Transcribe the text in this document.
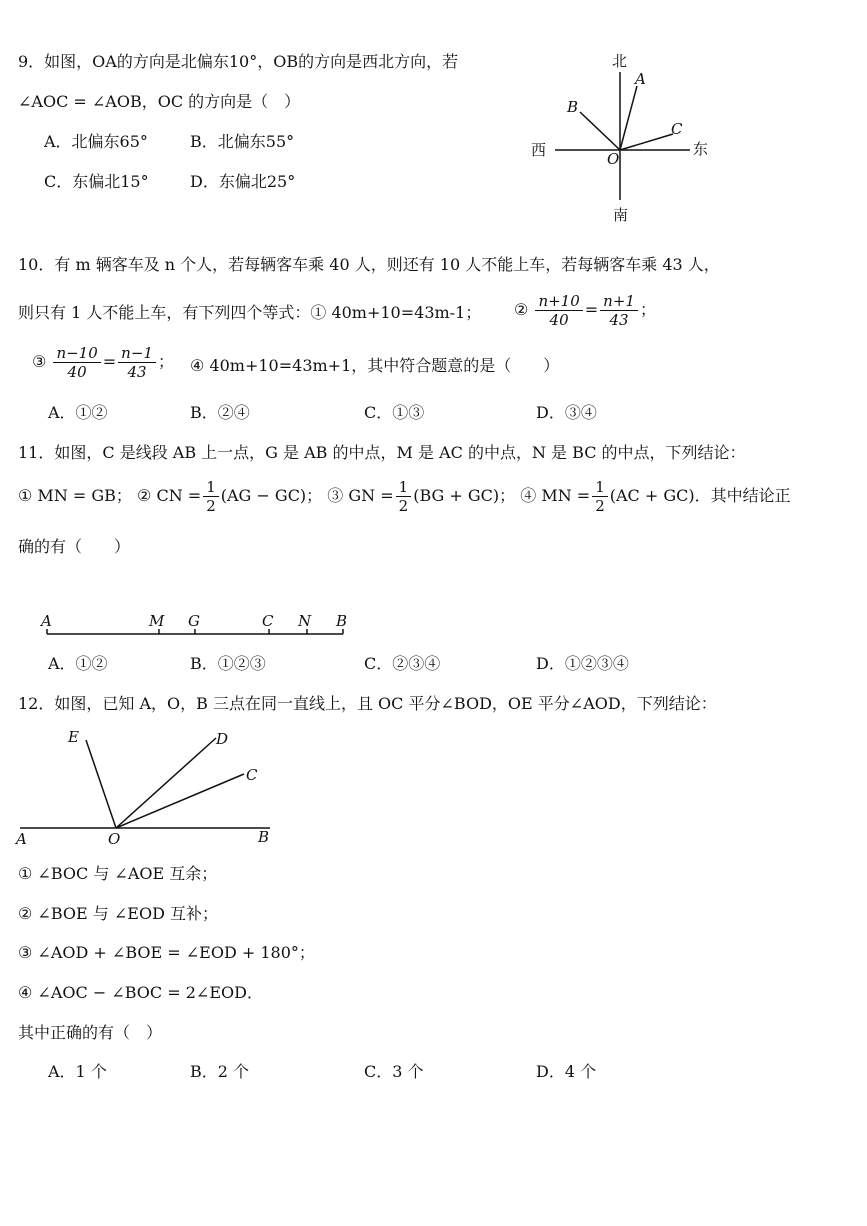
9．如图，OA的方向是北偏东10°，OB的方向是西北方向，若
∠AOC = ∠AOB，OC 的方向是（　）
A．北偏东65°	B．北偏东55°
C．东偏北15°	D．东偏北25°
北
南
西	东
A
B
C
O
10．有 m 辆客车及 n 个人，若每辆客车乘 40 人，则还有 10 人不能上车，若每辆客车乘 43 人，
则只有 1 人不能上车，有下列四个等式：① 40m+10=43m-1； ② $\frac{n+10}{40} = \frac{n+1}{43}$ ；
③ $\frac{n-10}{40} = \frac{n-1}{43}$ ； ④ 40m+10=43m+1，其中符合题意的是（　　）
A．①②	B．②④	C．①③	D．③④
11．如图，C 是线段 AB 上一点，G 是 AB 的中点，M 是 AC 的中点，N 是 BC 的中点，下列结论：
① MN = GB； ② CN = $\frac{1}{2} (AG - GC)$； ③ GN = $\frac{1}{2} (BG + GC)$； ④ MN = $\frac{1}{2} (AC + GC)$．其中结论正
确的有（　　）
A	M G	C N B
A．①②	B．①②③	C．②③④	D．①②③④
12．如图，已知 A，O，B 三点在同一直线上，且 OC 平分∠BOD，OE 平分∠AOD，下列结论：
E	D
C
A	O	B
① ∠BOC 与 ∠AOE 互余；
② ∠BOE 与 ∠EOD 互补；
③ ∠AOD + ∠BOE = ∠EOD + 180°；
④ ∠AOC − ∠BOC = 2∠EOD．
其中正确的有（　）
A．1 个	B．2 个	C．3 个	D．4 个
